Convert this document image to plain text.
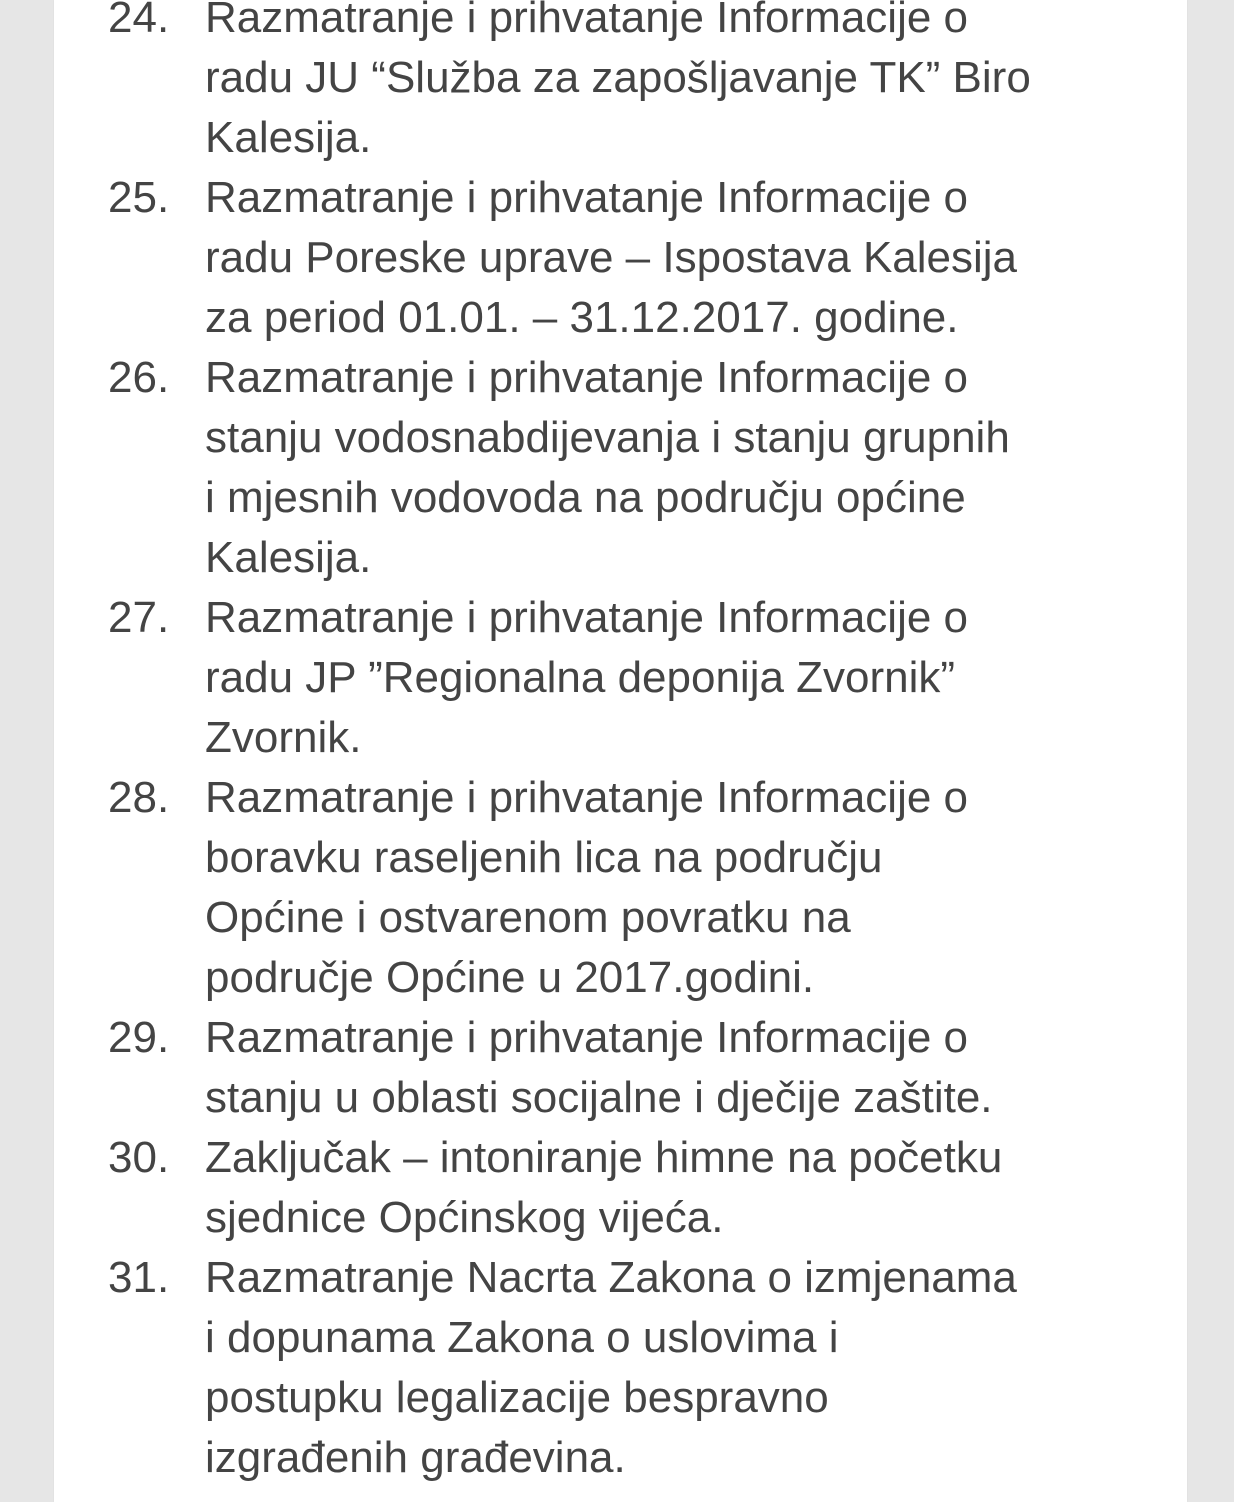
24. Razmatranje i prihvatanje Informacije o
radu JU “Služba za zapošljavanje TK” Biro
Kalesija.
25. Razmatranje i prihvatanje Informacije o
radu Poreske uprave – Ispostava Kalesija
za period 01.01. – 31.12.2017. godine.
26. Razmatranje i prihvatanje Informacije o
stanju vodosnabdijevanja i stanju grupnih
i mjesnih vodovoda na području općine
Kalesija.
27. Razmatranje i prihvatanje Informacije o
radu JP ”Regionalna deponija Zvornik”
Zvornik.
28. Razmatranje i prihvatanje Informacije o
boravku raseljenih lica na području
Općine i ostvarenom povratku na
područje Općine u 2017.godini.
29. Razmatranje i prihvatanje Informacije o
stanju u oblasti socijalne i dječije zaštite.
30. Zaključak – intoniranje himne na početku
sjednice Općinskog vijeća.
31. Razmatranje Nacrta Zakona o izmjenama
i dopunama Zakona o uslovima i
postupku legalizacije bespravno
izgrađenih građevina.
